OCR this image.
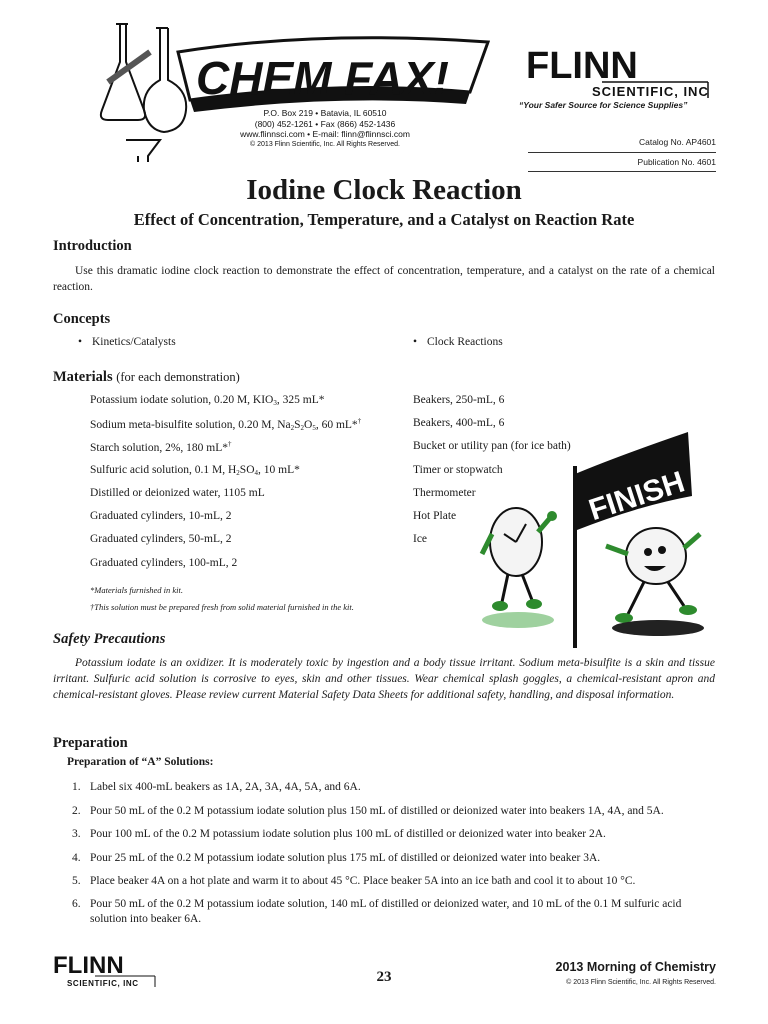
CHEM FAX!
P.O. Box 219 • Batavia, IL 60510
(800) 452-1261 • Fax (866) 452-1436
www.flinnsci.com • E-mail: flinn@flinnsci.com
© 2013 Flinn Scientific, Inc. All Rights Reserved.
FLINN
SCIENTIFIC, INC
“Your Safer Source for Science Supplies”
Catalog No. AP4601
Publication No. 4601
Iodine Clock Reaction
Effect of Concentration, Temperature, and a Catalyst on Reaction Rate
Introduction
Use this dramatic iodine clock reaction to demonstrate the effect of concentration, temperature, and a catalyst on the rate of a chemical reaction.
Concepts
• Kinetics/Catalysts	• Clock Reactions
Materials (for each demonstration)
Potassium iodate solution, 0.20 M, $KIO_3$, 325 mL*
Sodium meta-bisulfite solution, 0.20 M, $Na_2S_2O_5$, 60 mL*†
Starch solution, 2%, 180 mL*†
Sulfuric acid solution, 0.1 M, $H_2SO_4$, 10 mL*
Distilled or deionized water, 1105 mL
Graduated cylinders, 10-mL, 2
Graduated cylinders, 50-mL, 2
Graduated cylinders, 100-mL, 2
Beakers, 250-mL, 6
Beakers, 400-mL, 6
Bucket or utility pan (for ice bath)
Timer or stopwatch
Thermometer
Hot Plate
Ice
*Materials furnished in kit.
†This solution must be prepared fresh from solid material furnished in the kit.
FINISH
Safety Precautions
Potassium iodate is an oxidizer. It is moderately toxic by ingestion and a body tissue irritant. Sodium meta-bisulfite is a skin and tissue irritant. Sulfuric acid solution is corrosive to eyes, skin and other tissues. Wear chemical splash goggles, a chemical-resistant apron and chemical-resistant gloves. Please review current Material Safety Data Sheets for additional safety, handling, and disposal information.
Preparation
Preparation of “A” Solutions:
1. Label six 400-mL beakers as 1A, 2A, 3A, 4A, 5A, and 6A.
2. Pour 50 mL of the 0.2 M potassium iodate solution plus 150 mL of distilled or deionized water into beakers 1A, 4A, and 5A.
3. Pour 100 mL of the 0.2 M potassium iodate solution plus 100 mL of distilled or deionized water into beaker 2A.
4. Pour 25 mL of the 0.2 M potassium iodate solution plus 175 mL of distilled or deionized water into beaker 3A.
5. Place beaker 4A on a hot plate and warm it to about 45 °C. Place beaker 5A into an ice bath and cool it to about 10 °C.
6. Pour 50 mL of the 0.2 M potassium iodate solution, 140 mL of distilled or deionized water, and 10 mL of the 0.1 M sulfuric acid solution into beaker 6A.
FLINN
SCIENTIFIC, INC	23
2013 Morning of Chemistry
© 2013 Flinn Scientific, Inc. All Rights Reserved.
